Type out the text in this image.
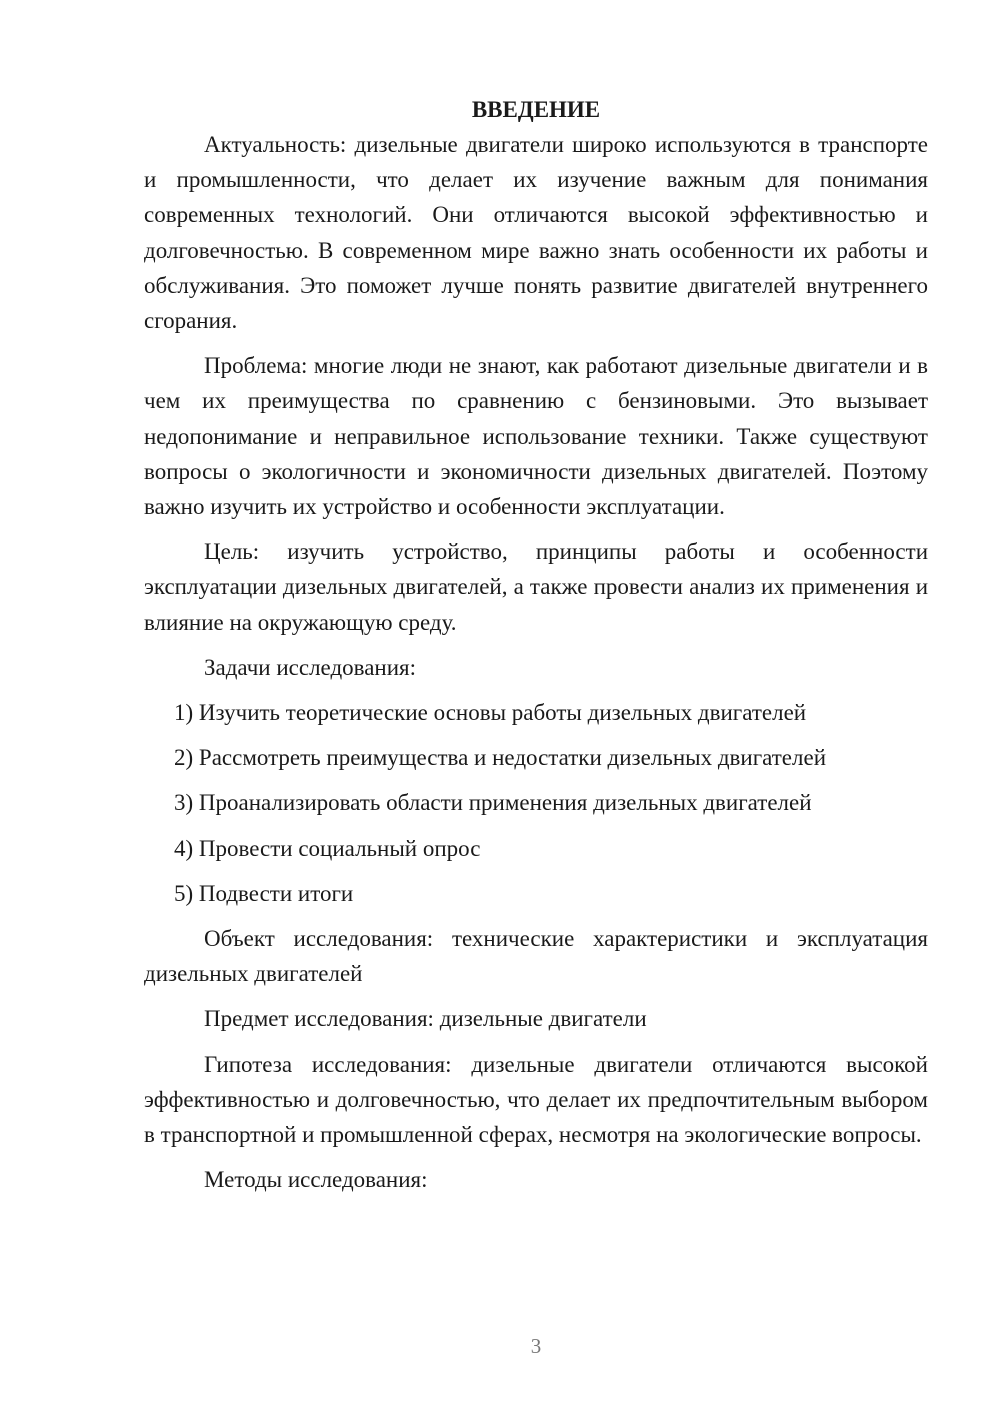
ВВЕДЕНИЕ

Актуальность: дизельные двигатели широко используются в транспорте и промышленности, что делает их изучение важным для понимания современных технологий. Они отличаются высокой эффективностью и долговечностью. В современном мире важно знать особенности их работы и обслуживания. Это поможет лучше понять развитие двигателей внутреннего сгорания.

Проблема: многие люди не знают, как работают дизельные двигатели и в чем их преимущества по сравнению с бензиновыми. Это вызывает недопонимание и неправильное использование техники. Также существуют вопросы о экологичности и экономичности дизельных двигателей. Поэтому важно изучить их устройство и особенности эксплуатации.

Цель: изучить устройство, принципы работы и особенности эксплуатации дизельных двигателей, а также провести анализ их применения и влияние на окружающую среду.

Задачи исследования:

1) Изучить теоретические основы работы дизельных двигателей
2) Рассмотреть преимущества и недостатки дизельных двигателей
3) Проанализировать области применения дизельных двигателей
4) Провести социальный опрос
5) Подвести итоги

Объект исследования: технические характеристики и эксплуатация дизельных двигателей

Предмет исследования: дизельные двигатели

Гипотеза исследования: дизельные двигатели отличаются высокой эффективностью и долговечностью, что делает их предпочтительным выбором в транспортной и промышленной сферах, несмотря на экологические вопросы.

Методы исследования:

3
